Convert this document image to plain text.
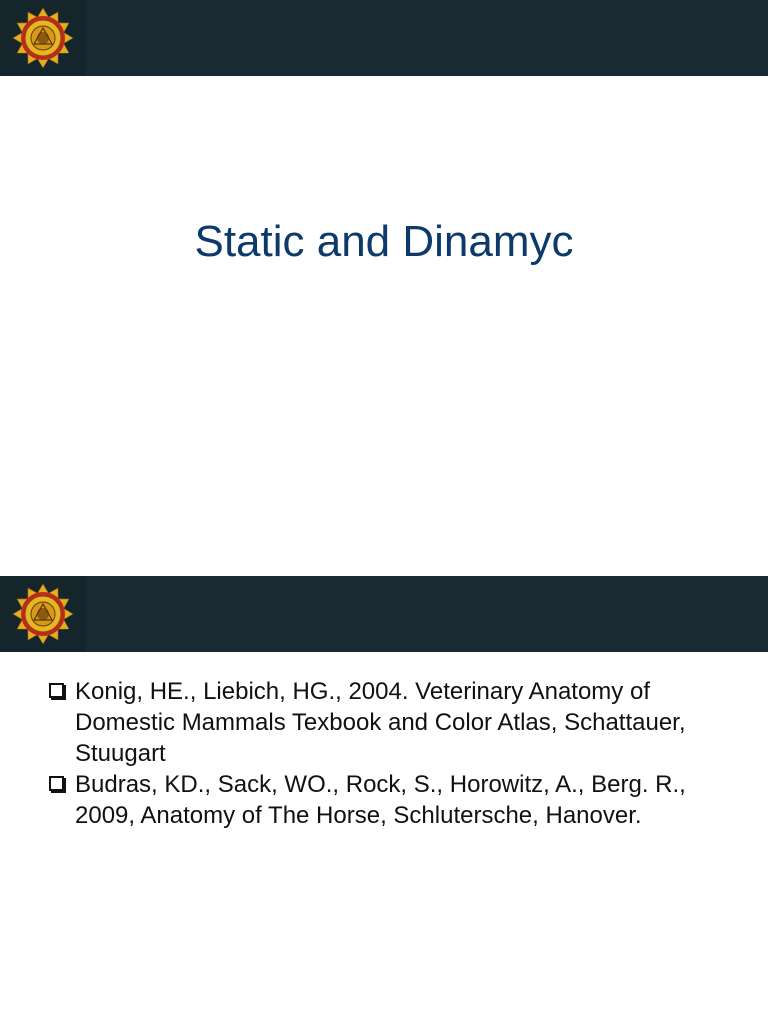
Static and Dinamyc
Konig, HE., Liebich, HG., 2004. Veterinary Anatomy of Domestic Mammals Texbook and Color Atlas, Schattauer, Stuugart
Budras, KD., Sack, WO., Rock, S., Horowitz, A., Berg. R., 2009, Anatomy of The Horse, Schlutersche, Hanover.
